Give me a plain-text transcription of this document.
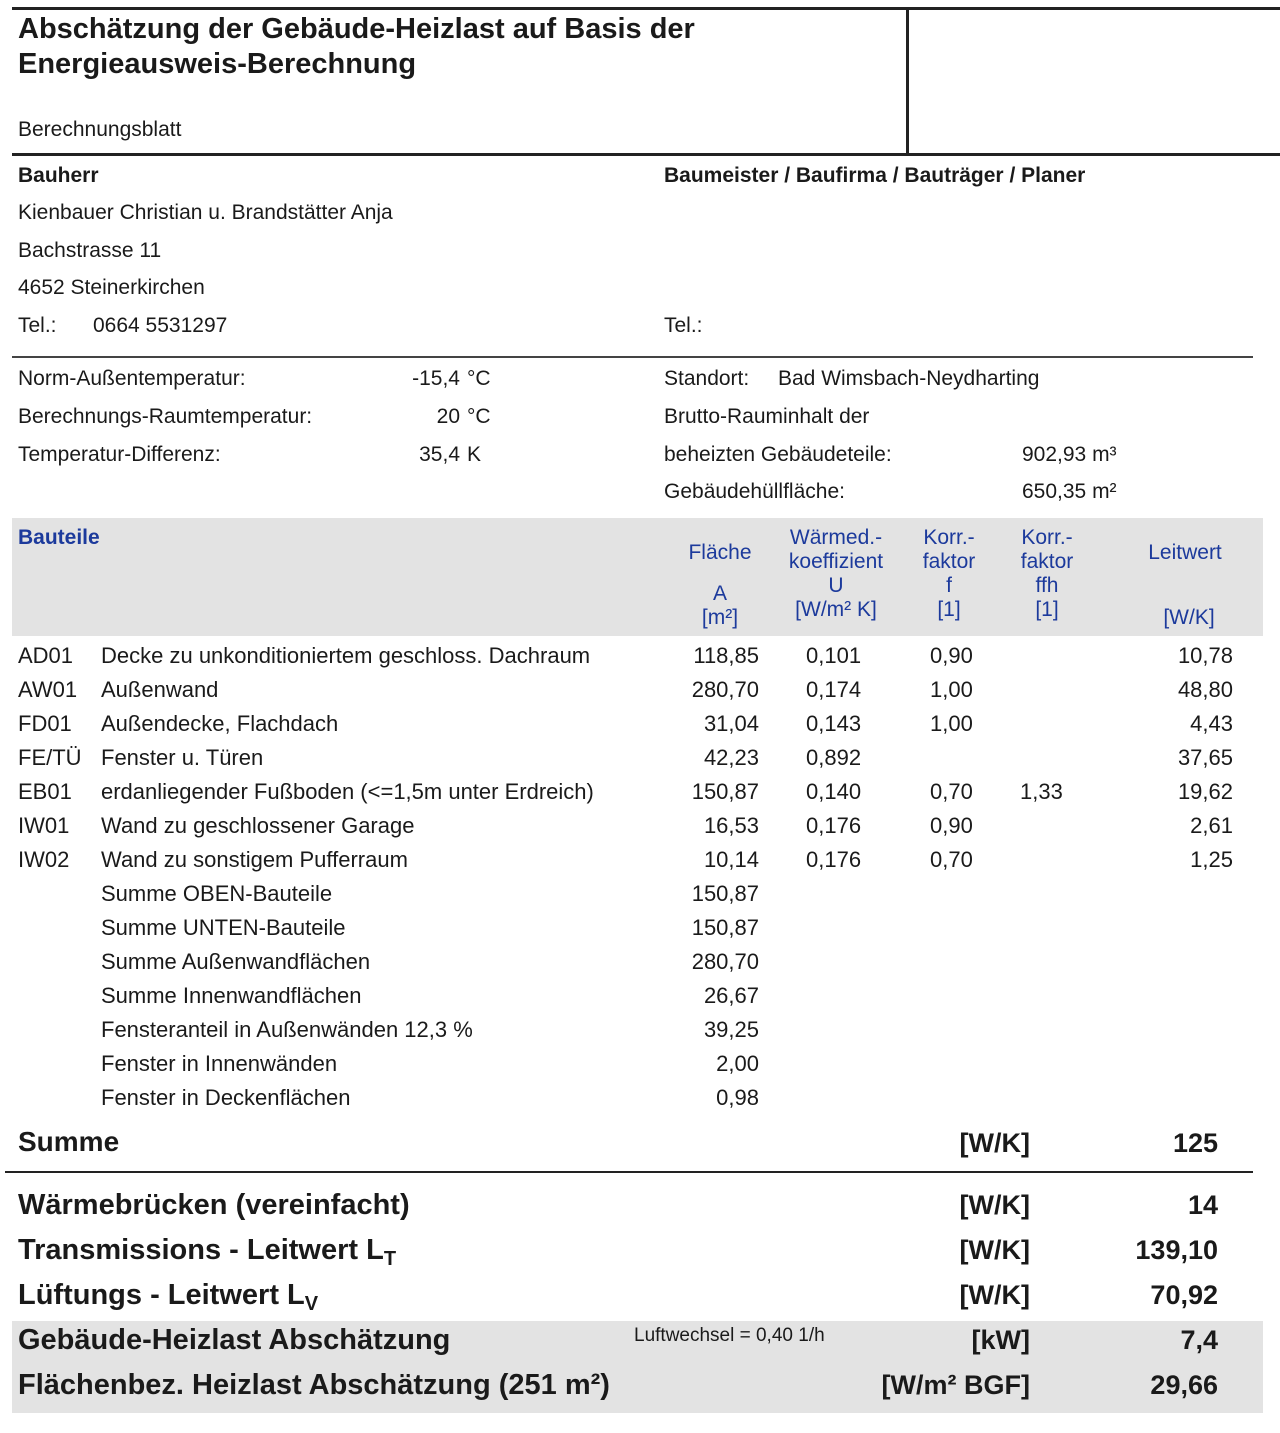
Abschätzung der Gebäude-Heizlast auf Basis der
Energieausweis-Berechnung
Berechnungsblatt
Bauherr
Kienbauer Christian u. Brandstätter Anja
Bachstrasse 11
4652 Steinerkirchen
Tel.: 0664 5531297
Baumeister / Baufirma / Bauträger / Planer
Tel.:
Norm-Außentemperatur:	-15,4 °C
Berechnungs-Raumtemperatur:	20 °C
Temperatur-Differenz:	35,4 K
Standort: Bad Wimsbach-Neydharting
Brutto-Rauminhalt der
beheizten Gebäudeteile:	902,93 m³
Gebäudehüllfläche:	650,35 m²
Bauteile
Fläche
A
[m²]
Wärmed.-
koeffizient
U
[W/m² K]
Korr.-
faktor
f
[1]
Korr.-
faktor
ffh
[1]
Leitwert
[W/K]
AD01 Decke zu unkonditioniertem geschloss. Dachraum	118,85 0,101	0,90	10,78
AW01 Außenwand	280,70 0,174	1,00	48,80
FD01 Außendecke, Flachdach	31,04 0,143	1,00	4,43
FE/TÜ Fenster u. Türen	42,23 0,892	37,65
EB01 erdanliegender Fußboden (<=1,5m unter Erdreich)	150,87 0,140	0,70 1,33	19,62
IW01 Wand zu geschlossener Garage	16,53 0,176	0,90	2,61
IW02 Wand zu sonstigem Pufferraum	10,14 0,176	0,70	1,25
Summe OBEN-Bauteile	150,87
Summe UNTEN-Bauteile	150,87
Summe Außenwandflächen	280,70
Summe Innenwandflächen	26,67
Fensteranteil in Außenwänden 12,3 %	39,25
Fenster in Innenwänden	2,00
Fenster in Deckenflächen	0,98
Summe	[W/K]	125
Wärmebrücken (vereinfacht)	[W/K]	14
Transmissions - Leitwert $L_T$	[W/K]	139,10
Lüftungs - Leitwert $L_V$	[W/K]	70,92
Gebäude-Heizlast Abschätzung	Luftwechsel = 0,40 1/h	[kW]	7,4
Flächenbez. Heizlast Abschätzung (251 m²)	[W/m² BGF]	29,66
